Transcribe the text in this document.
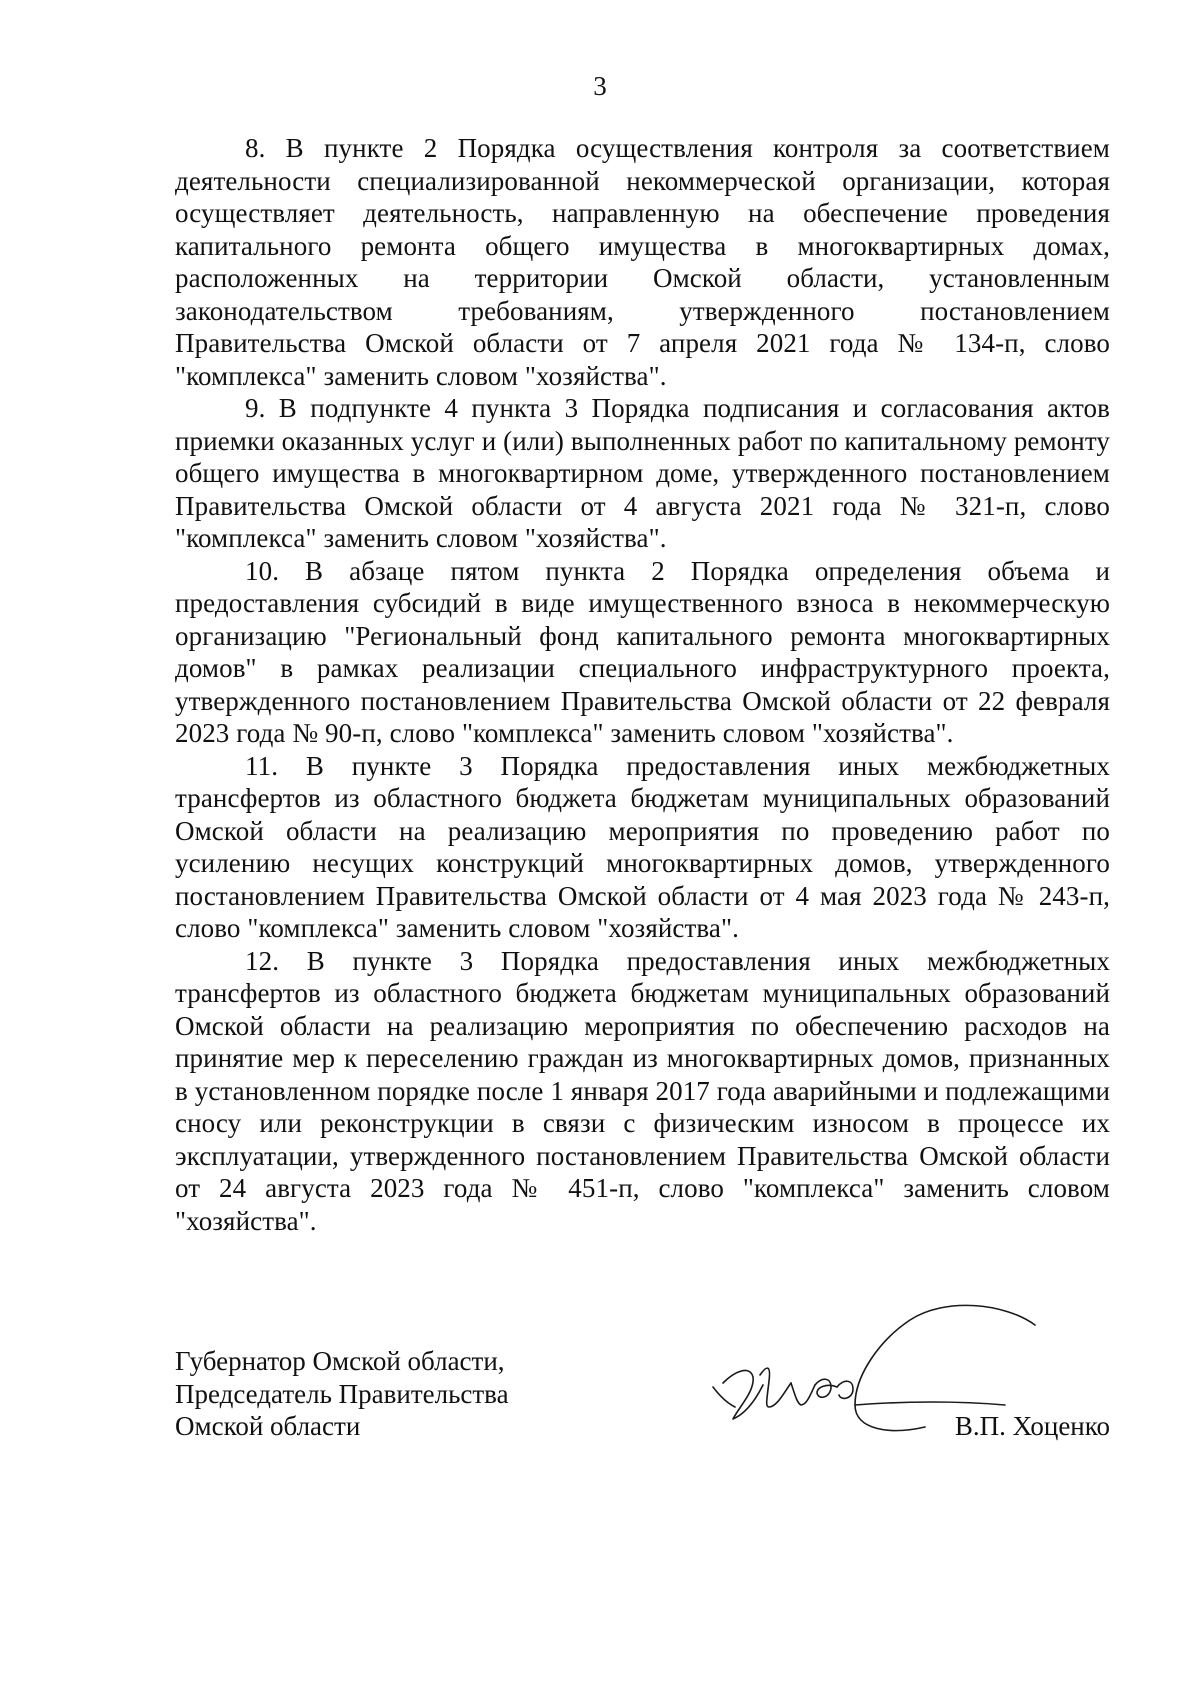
3

8. В пункте 2 Порядка осуществления контроля за соответствием деятельности специализированной некоммерческой организации, которая осуществляет деятельность, направленную на обеспечение проведения капитального ремонта общего имущества в многоквартирных домах, расположенных на территории Омской области, установленным законодательством требованиям, утвержденного постановлением Правительства Омской области от 7 апреля 2021 года № 134-п, слово "комплекса" заменить словом "хозяйства".

9. В подпункте 4 пункта 3 Порядка подписания и согласования актов приемки оказанных услуг и (или) выполненных работ по капитальному ремонту общего имущества в многоквартирном доме, утвержденного постановлением Правительства Омской области от 4 августа 2021 года № 321-п, слово "комплекса" заменить словом "хозяйства".

10. В абзаце пятом пункта 2 Порядка определения объема и предоставления субсидий в виде имущественного взноса в некоммерческую организацию "Региональный фонд капитального ремонта многоквартирных домов" в рамках реализации специального инфраструктурного проекта, утвержденного постановлением Правительства Омской области от 22 февраля 2023 года № 90-п, слово "комплекса" заменить словом "хозяйства".

11. В пункте 3 Порядка предоставления иных межбюджетных трансфертов из областного бюджета бюджетам муниципальных образований Омской области на реализацию мероприятия по проведению работ по усилению несущих конструкций многоквартирных домов, утвержденного постановлением Правительства Омской области от 4 мая 2023 года № 243-п, слово "комплекса" заменить словом "хозяйства".

12. В пункте 3 Порядка предоставления иных межбюджетных трансфертов из областного бюджета бюджетам муниципальных образований Омской области на реализацию мероприятия по обеспечению расходов на принятие мер к переселению граждан из многоквартирных домов, признанных в установленном порядке после 1 января 2017 года аварийными и подлежащими сносу или реконструкции в связи с физическим износом в процессе их эксплуатации, утвержденного постановлением Правительства Омской области от 24 августа 2023 года № 451-п, слово "комплекса" заменить словом "хозяйства".

Губернатор Омской области,
Председатель Правительства
Омской области	В.П. Хоценко
